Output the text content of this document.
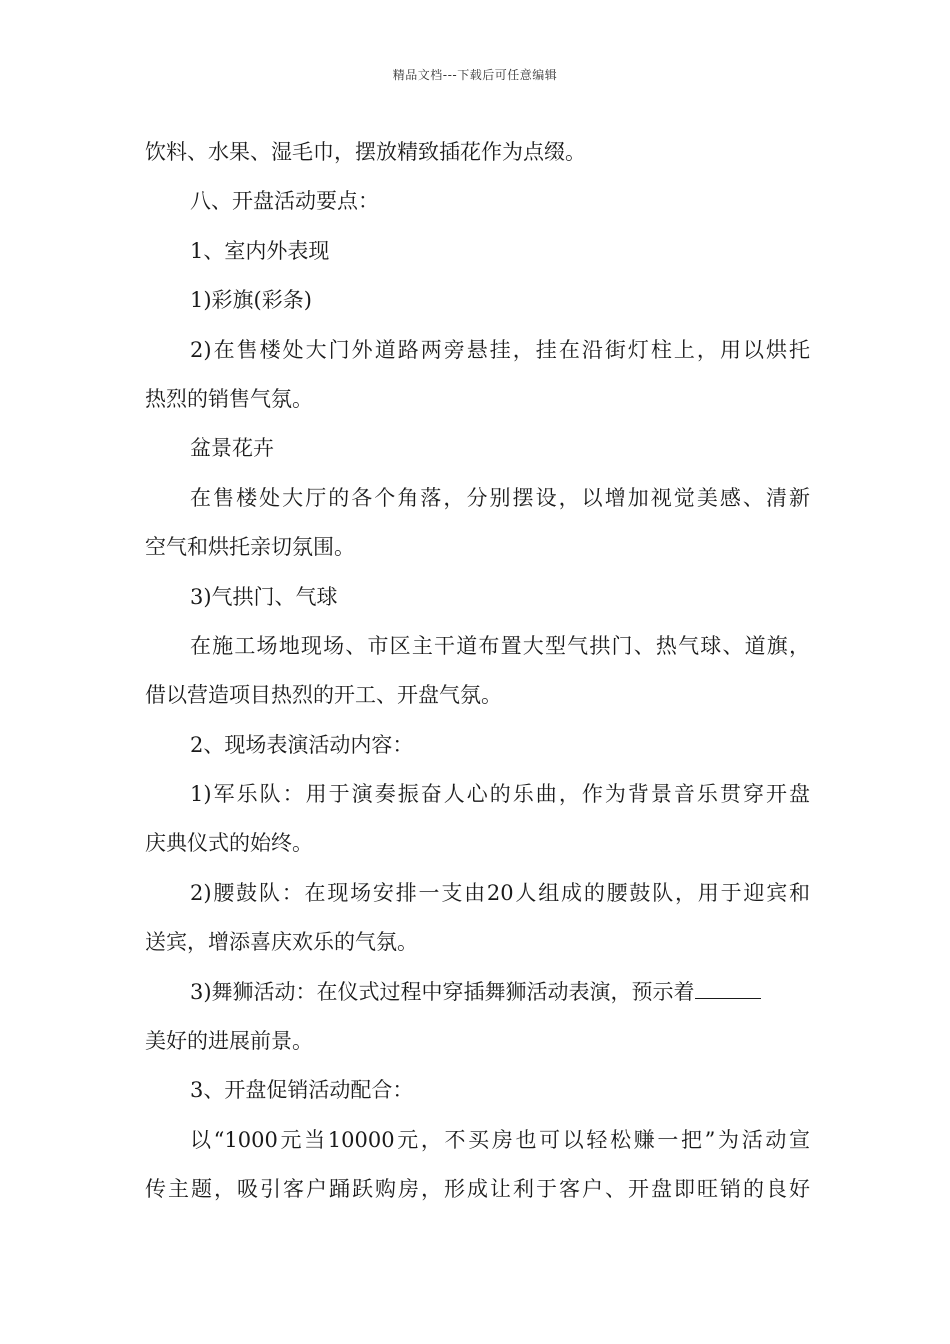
精品文档---下载后可任意编辑
饮料、水果、湿毛巾，摆放精致插花作为点缀。
八、开盘活动要点：
1、室内外表现
1)彩旗(彩条)
2)在售楼处大门外道路两旁悬挂，挂在沿街灯柱上，用以烘托
热烈的销售气氛。
盆景花卉
在售楼处大厅的各个角落，分别摆设，以增加视觉美感、清新
空气和烘托亲切氛围。
3)气拱门、气球
在施工场地现场、市区主干道布置大型气拱门、热气球、道旗，
借以营造项目热烈的开工、开盘气氛。
2、现场表演活动内容：
1)军乐队：用于演奏振奋人心的乐曲，作为背景音乐贯穿开盘
庆典仪式的始终。
2)腰鼓队：在现场安排一支由20人组成的腰鼓队，用于迎宾和
送宾，增添喜庆欢乐的气氛。
3)舞狮活动：在仪式过程中穿插舞狮活动表演，预示着
美好的进展前景。
3、开盘促销活动配合：
以“1000元当10000元，不买房也可以轻松赚一把”为活动宣
传主题，吸引客户踊跃购房，形成让利于客户、开盘即旺销的良好
